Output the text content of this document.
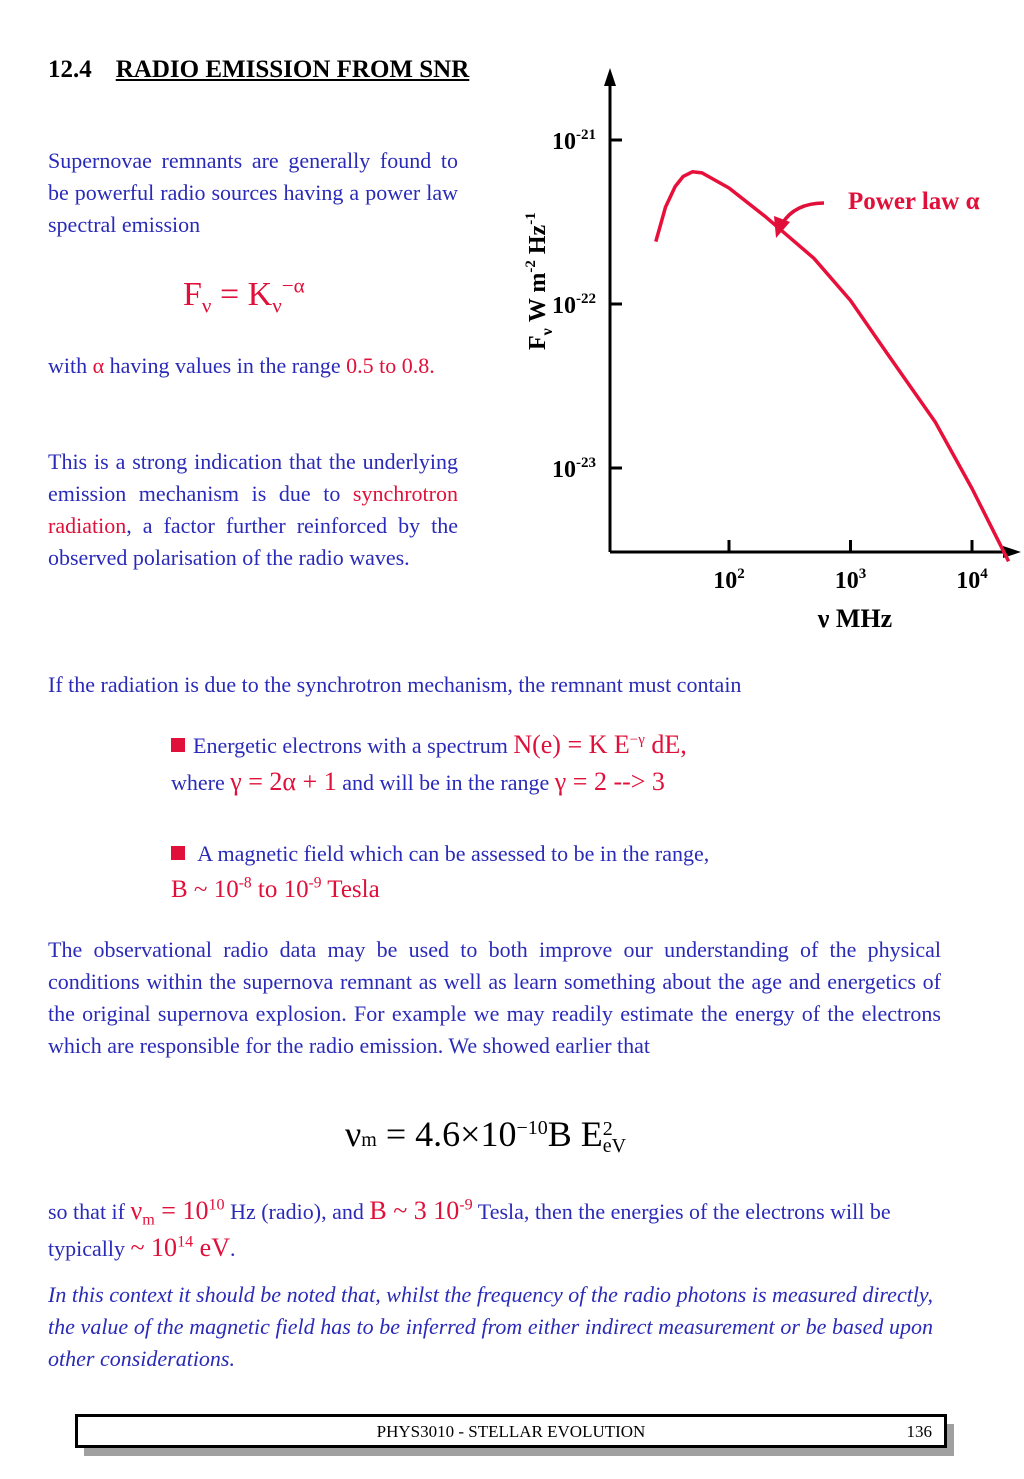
12.4 RADIO EMISSION FROM SNR
Supernovae remnants are generally found to be powerful radio sources having a power law spectral emission
$F_\nu = K_\nu^{-\alpha}$
with α having values in the range 0.5 to 0.8.
This is a strong indication that the underlying emission mechanism is due to synchrotron radiation, a factor further reinforced by the observed polarisation of the radio waves.
$10^{-21}$
$10^{-22}$
$10^{-23}$
$10^2$	$10^3$	$10^4$
ν MHz
$F_\nu$ W $m^{-2}$ $Hz^{-1}$
Power law α
If the radiation is due to the synchrotron mechanism, the remnant must contain
Energetic electrons with a spectrum N(e) = K $E^{-\gamma}$ dE,
where γ = 2α + 1 and will be in the range γ = 2 --> 3
A magnetic field which can be assessed to be in the range,
B ~ $10^{-8}$ to $10^{-9}$ Tesla
The observational radio data may be used to both improve our understanding of the physical conditions within the supernova remnant as well as learn something about the age and energetics of the original supernova explosion. For example we may readily estimate the energy of the electrons which are responsible for the radio emission. We showed earlier that
$\nu m = 4.6\times 10^{-10}B$ E 2
eV
so that if $\nu_m = 10^{10}$ Hz (radio), and B ~ 3 $10^{-9}$ Tesla, then the energies of the electrons will be typically ~ $10^{14}$ eV.
In this context it should be noted that, whilst the frequency of the radio photons is measured directly, the value of the magnetic field has to be inferred from either indirect measurement or be based upon other considerations.
PHYS3010 - STELLAR EVOLUTION	136
